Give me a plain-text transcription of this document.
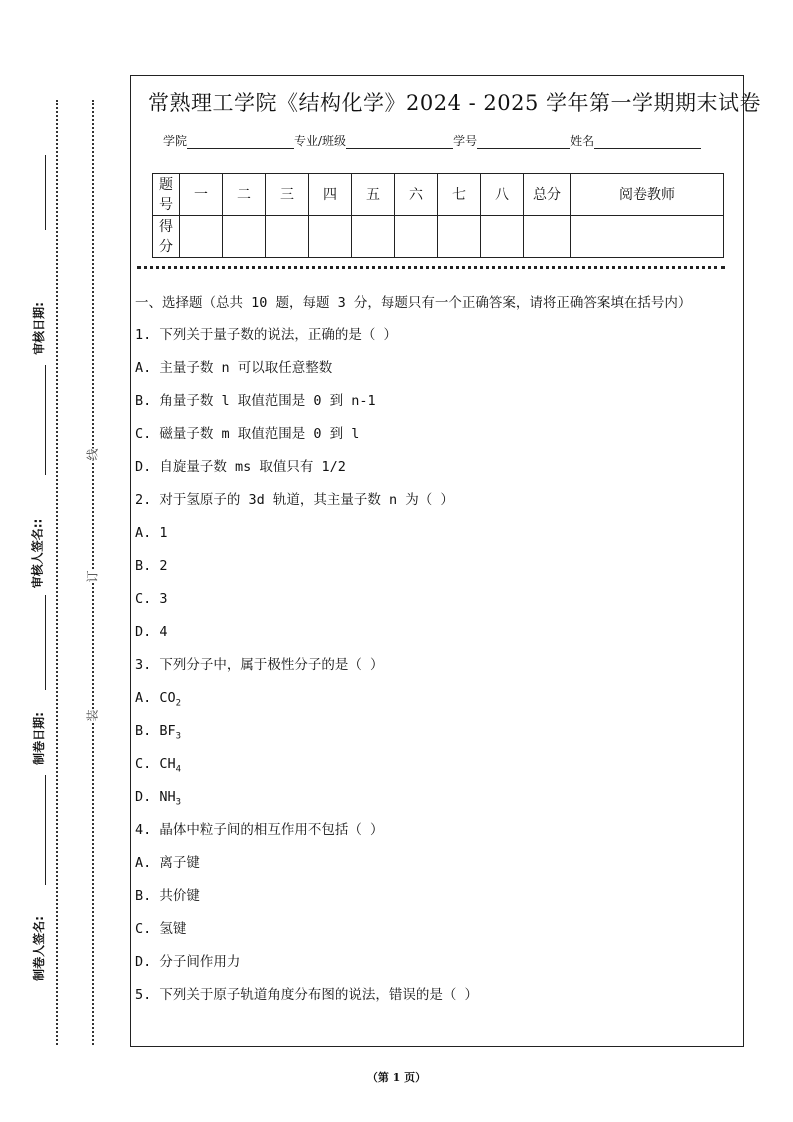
审核日期:
审核人签名::
制卷日期:
制卷人签名:
线
订
装
常熟理工学院《结构化学》2024 - 2025 学年第一学期期末试卷
学院	专业/班级	学号	姓名
题号	一	二	三	四	五	六	七	八	总分	阅卷教师
得分										
一、选择题（总共 10 题，每题 3 分，每题只有一个正确答案，请将正确答案填在括号内）
1. 下列关于量子数的说法，正确的是（ ）
A. 主量子数 n 可以取任意整数
B. 角量子数 l 取值范围是 0 到 n-1
C. 磁量子数 m 取值范围是 0 到 l
D. 自旋量子数 ms 取值只有 1/2
2. 对于氢原子的 3d 轨道，其主量子数 n 为（ ）
A. 1
B. 2
C. 3
D. 4
3. 下列分子中，属于极性分子的是（ ）
A. $CO_2$
B. $BF_3$
C. $CH_4$
D. $NH_3$
4. 晶体中粒子间的相互作用不包括（ ）
A. 离子键
B. 共价键
C. 氢键
D. 分子间作用力
5. 下列关于原子轨道角度分布图的说法，错误的是（ ）
（第 1 页）
